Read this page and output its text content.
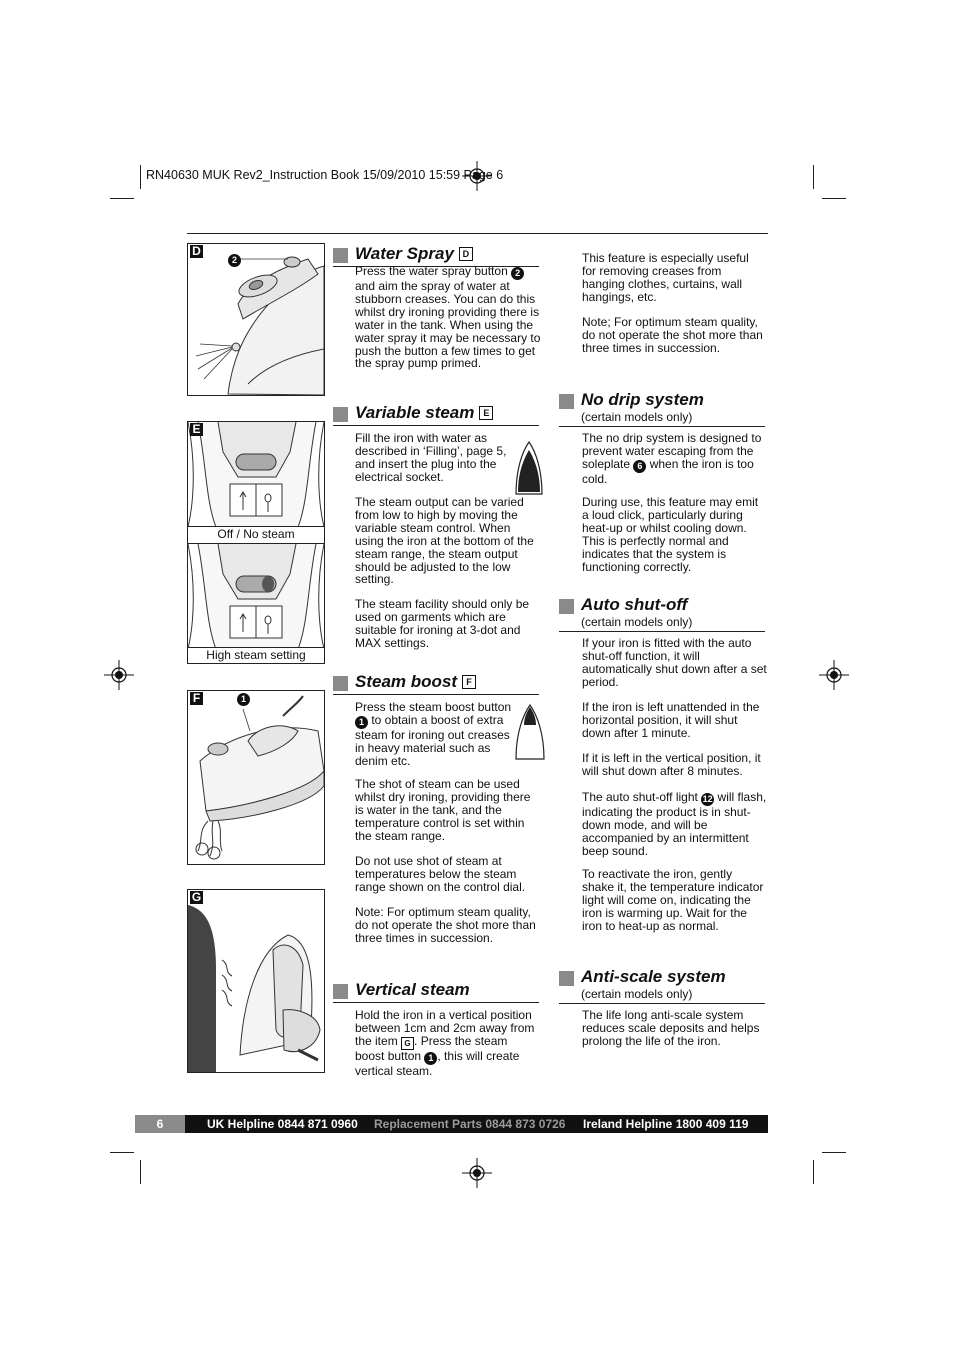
RN40630 MUK Rev2_Instruction Book 15/09/2010 15:59 Page 6
D
2
E
Off / No steam
High steam setting
F	1
G
Water Spray D
Press the water spray button 2 and aim the spray of water at stubborn creases. You can do this whilst dry ironing providing there is water in the tank. When using the water spray it may be necessary to push the button a few times to get the spray pump primed.
Variable steam E
Fill the iron with water as described in ‘Filling’, page 5, and insert the plug into the electrical socket.
The steam output can be varied from low to high by moving the variable steam control. When using the iron at the bottom of the steam range, the steam output should be adjusted to the low setting.
The steam facility should only be used on garments which are suitable for ironing at 3-dot and MAX settings.
Steam boost F
Press the steam boost button 1 to obtain a boost of extra steam for ironing out creases in heavy material such as denim etc.
The shot of steam can be used whilst dry ironing, providing there is water in the tank, and the temperature control is set within the steam range.
Do not use shot of steam at temperatures below the steam range shown on the control dial.
Note: For optimum steam quality, do not operate the shot more than three times in succession.
Vertical steam
Hold the iron in a vertical position between 1cm and 2cm away from the item G . Press the steam boost button 1 , this will create vertical steam.
This feature is especially useful for removing creases from hanging clothes, curtains, wall hangings, etc.
Note; For optimum steam quality, do not operate the shot more than three times in succession.
No drip system
(certain models only)
The no drip system is designed to prevent water escaping from the soleplate 6 when the iron is too cold.
During use, this feature may emit a loud click, particularly during heat-up or whilst cooling down. This is perfectly normal and indicates that the system is functioning correctly.
Auto shut-off
(certain models only)
If your iron is fitted with the auto shut-off function, it will automatically shut down after a set period.
If the iron is left unattended in the horizontal position, it will shut down after 1 minute.
If it is left in the vertical position, it will shut down after 8 minutes.
The auto shut-off light 12 will flash, indicating the product is in shut-down mode, and will be accompanied by an intermittent beep sound.
To reactivate the iron, gently shake it, the temperature indicator light will come on, indicating the iron is warming up. Wait for the iron to heat-up as normal.
Anti-scale system
(certain models only)
The life long anti-scale system reduces scale deposits and helps prolong the life of the iron.
6	UK Helpline 0844 871 0960 Replacement Parts 0844 873 0726 Ireland Helpline 1800 409 119
